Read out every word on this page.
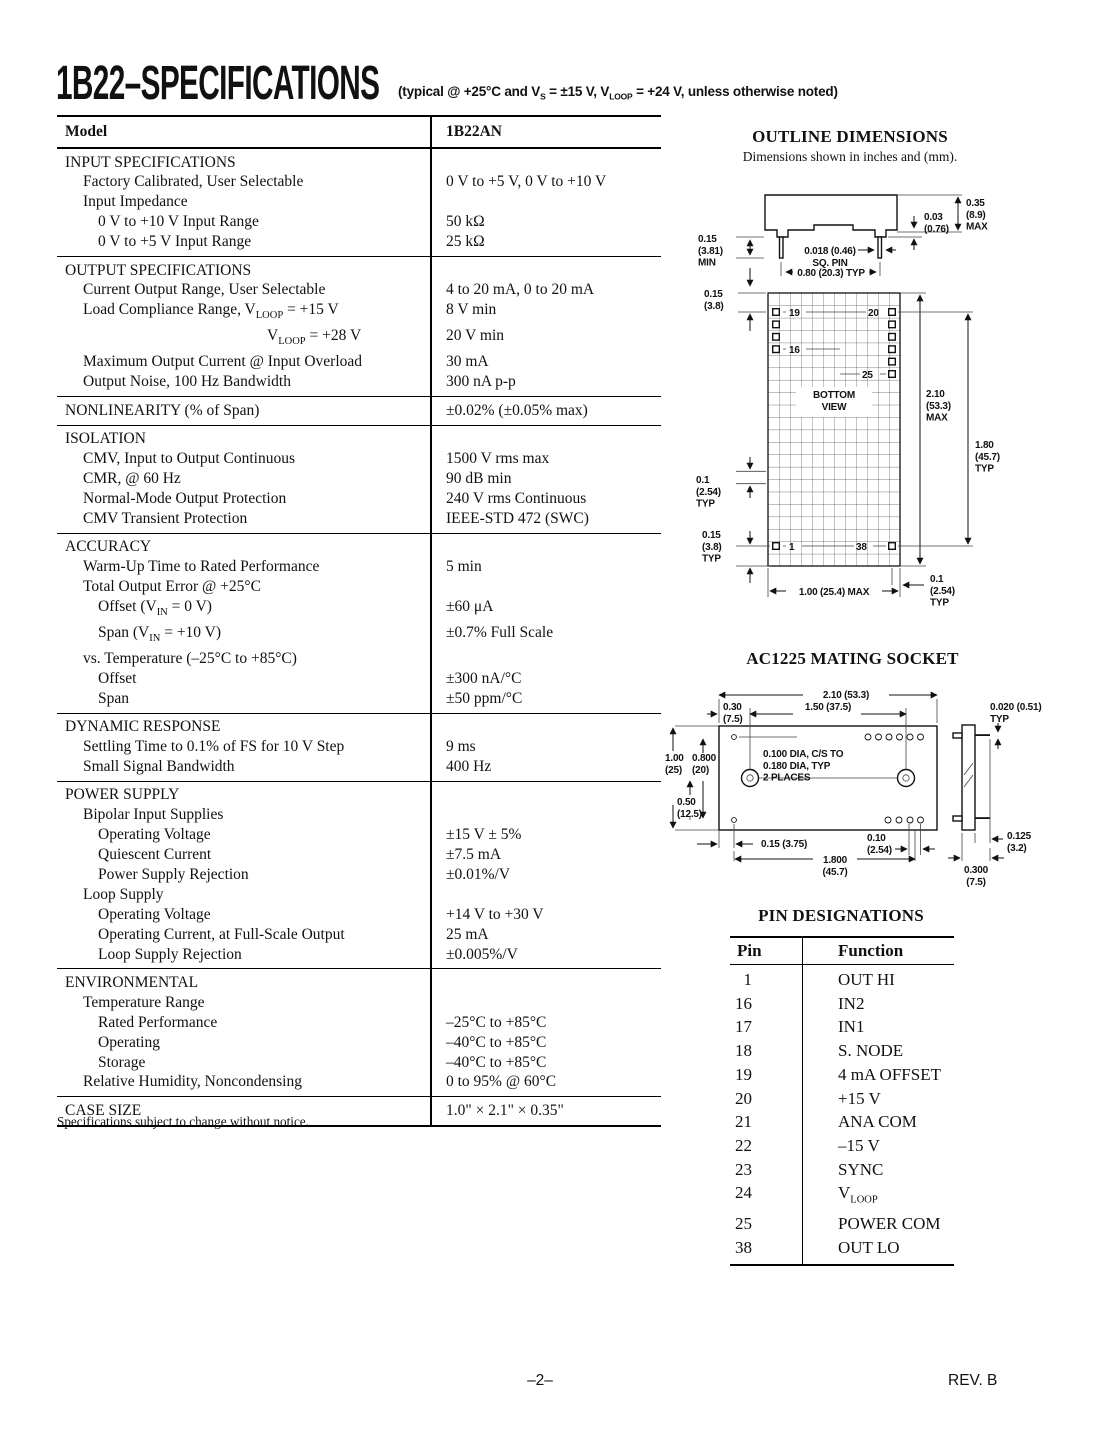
1B22–SPECIFICATIONS (typical @ +25°C and $V_S = \pm 15$ V, $V_{LOOP} = +24$ V, unless otherwise noted)
Model	1B22AN
INPUT SPECIFICATIONS
Factory Calibrated, User Selectable	0 V to +5 V, 0 V to +10 V
Input Impedance
0 V to +10 V Input Range	50 kΩ
0 V to +5 V Input Range	25 kΩ
OUTPUT SPECIFICATIONS
Current Output Range, User Selectable	4 to 20 mA, 0 to 20 mA
Load Compliance Range, $V_{LOOP} = +15$ V	8 V min
$V_{LOOP} = +28$ V	20 V min
Maximum Output Current @ Input Overload	30 mA
Output Noise, 100 Hz Bandwidth	300 nA p-p
NONLINEARITY (% of Span)	±0.02% (±0.05% max)
ISOLATION
CMV, Input to Output Continuous	1500 V rms max
CMR, @ 60 Hz	90 dB min
Normal-Mode Output Protection	240 V rms Continuous
CMV Transient Protection	IEEE-STD 472 (SWC)
ACCURACY
Warm-Up Time to Rated Performance	5 min
Total Output Error @ +25°C
Offset ($V_{IN} = 0$ V)	±60 μA
Span ($V_{IN} = +10$ V)	±0.7% Full Scale
vs. Temperature (–25°C to +85°C)
Offset	±300 nA/°C
Span	±50 ppm/°C
DYNAMIC RESPONSE
Settling Time to 0.1% of FS for 10 V Step	9 ms
Small Signal Bandwidth	400 Hz
POWER SUPPLY
Bipolar Input Supplies
Operating Voltage	±15 V ± 5%
Quiescent Current	±7.5 mA
Power Supply Rejection	±0.01%/V
Loop Supply
Operating Voltage	+14 V to +30 V
Operating Current, at Full-Scale Output	25 mA
Loop Supply Rejection	±0.005%/V
ENVIRONMENTAL
Temperature Range
Rated Performance	–25°C to +85°C
Operating	–40°C to +85°C
Storage	–40°C to +85°C
Relative Humidity, Noncondensing	0 to 95% @ 60°C
CASE SIZE	1.0" × 2.1" × 0.35"
Specifications subject to change without notice.
OUTLINE DIMENSIONS
Dimensions shown in inches and (mm).
0.15 (3.81) MIN
0.018 (0.46) SQ. PIN
0.80 (20.3) TYP
0.03 (0.76)
0.35 (8.9) MAX
19
16
1
20
25
38
BOTTOM VIEW
0.15 (3.8)
0.1 (2.54) TYP
0.15 (3.8) TYP
2.10 (53.3) MAX
1.80 (45.7) TYP
1.00 (25.4) MAX
0.1 (2.54) TYP
AC1225 MATING SOCKET
2.10 (53.3)
0.30 (7.5)
1.50 (37.5)
0.100 DIA, C/S TO 0.180 DIA, TYP 2 PLACES
1.00 (25)
0.800 (20)
0.50 (12.5)
0.15 (3.75)
0.10 (2.54)
1.800 (45.7)
0.020 (0.51) TYP
0.125 (3.2)
0.300 (7.5)
PIN DESIGNATIONS
Pin	Function
1	OUT HI
16	IN2
17	IN1
18	S. NODE
19	4 mA OFFSET
20	+15 V
21	ANA COM
22	–15 V
23	SYNC
24	$V_{LOOP}$
25	POWER COM
38	OUT LO
–2–	REV. B
